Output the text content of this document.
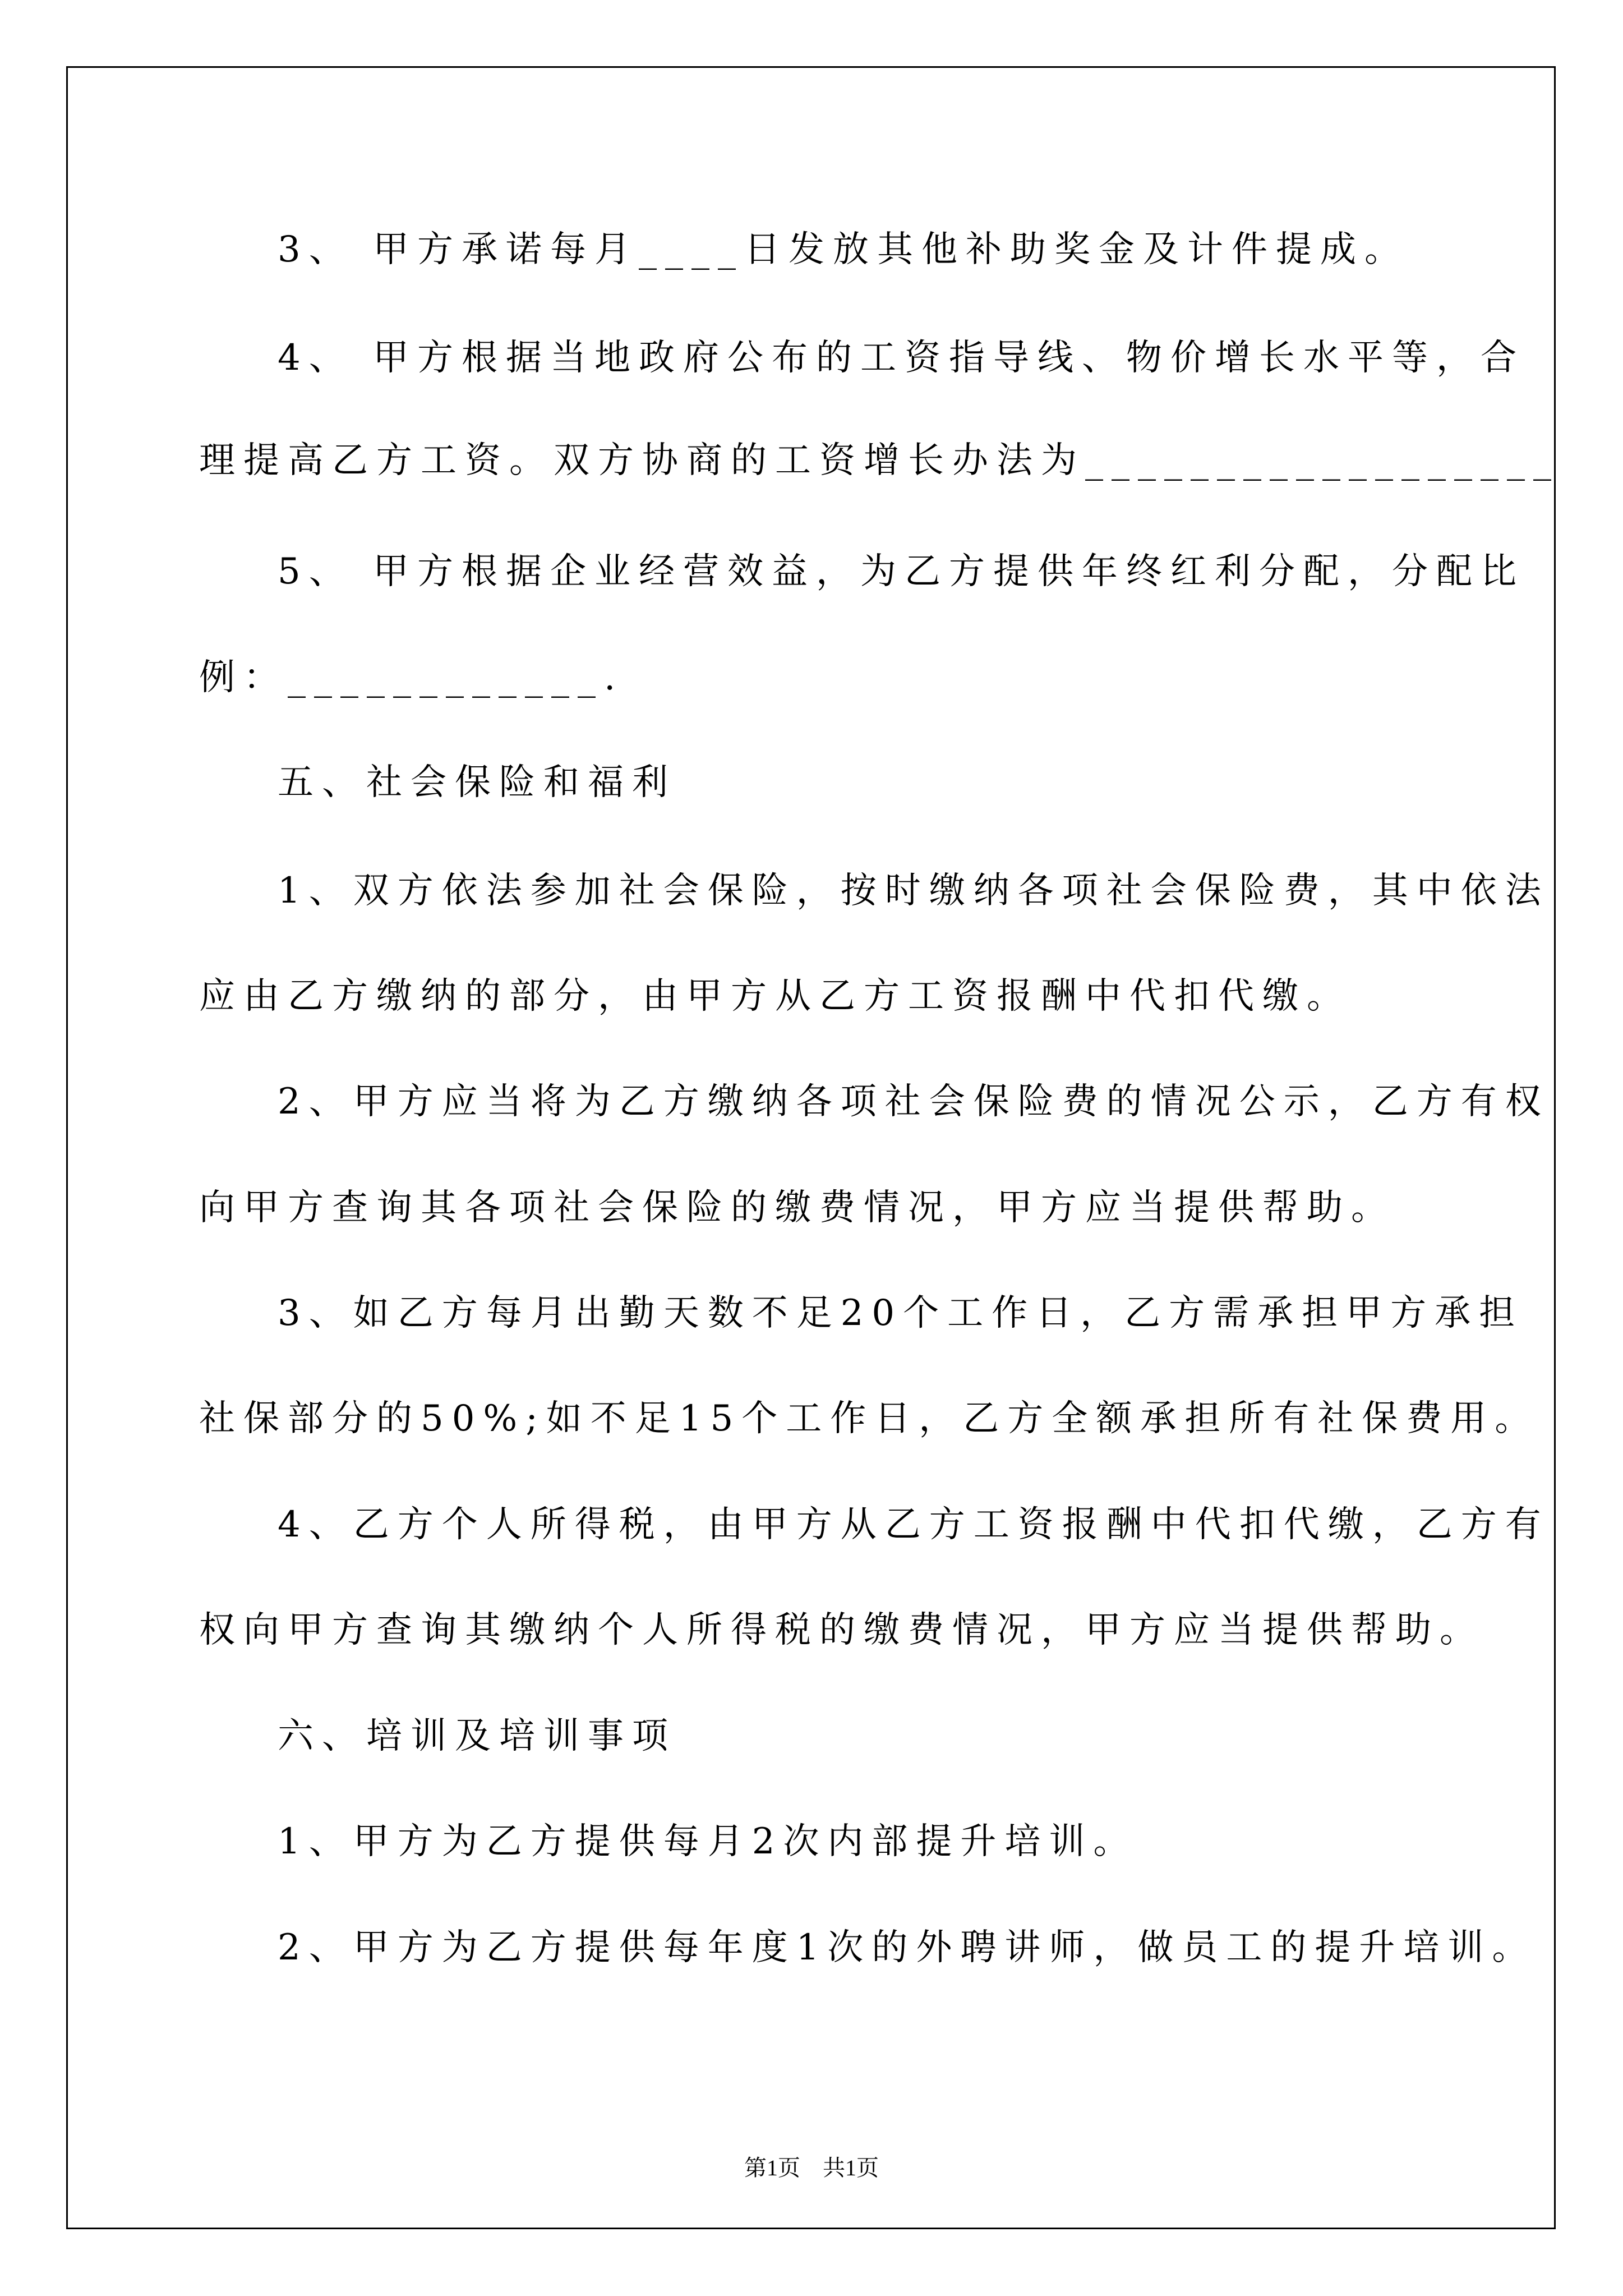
3、 甲方承诺每月____日发放其他补助奖金及计件提成。
4、 甲方根据当地政府公布的工资指导线、物价增长水平等，合
理提高乙方工资。双方协商的工资增长办法为__________________
5、 甲方根据企业经营效益，为乙方提供年终红利分配，分配比
例：____________.
五、社会保险和福利
1、双方依法参加社会保险，按时缴纳各项社会保险费，其中依法
应由乙方缴纳的部分，由甲方从乙方工资报酬中代扣代缴。
2、甲方应当将为乙方缴纳各项社会保险费的情况公示，乙方有权
向甲方查询其各项社会保险的缴费情况，甲方应当提供帮助。
3、如乙方每月出勤天数不足20个工作日，乙方需承担甲方承担
社保部分的50%;如不足15个工作日，乙方全额承担所有社保费用。
4、乙方个人所得税，由甲方从乙方工资报酬中代扣代缴，乙方有
权向甲方查询其缴纳个人所得税的缴费情况，甲方应当提供帮助。
六、培训及培训事项
1、甲方为乙方提供每月2次内部提升培训。
2、甲方为乙方提供每年度1次的外聘讲师，做员工的提升培训。
第1页　共1页
